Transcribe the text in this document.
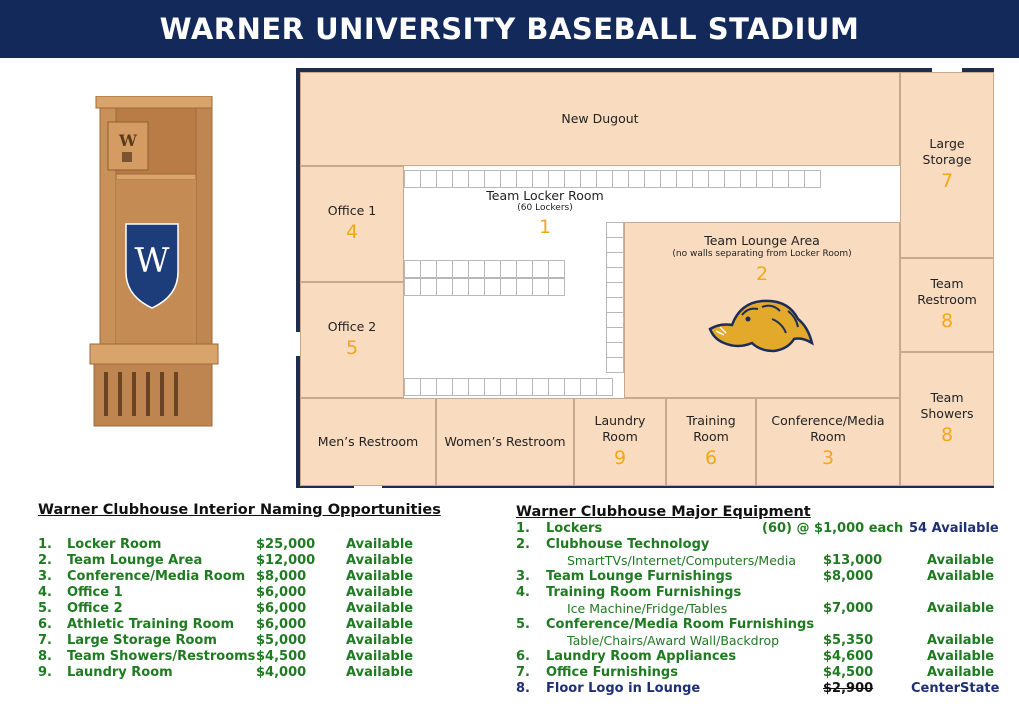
WARNER UNIVERSITY BASEBALL STADIUM
W
W
New Dugout
Large
Storage
7
Team
Restroom
8
Team
Showers
8
Office 1
4
Office 2
5
Team Locker Room
(60 Lockers)
1
Team Lounge Area
(no walls separating from Locker Room)
2
Men’s Restroom Women’s Restroom
Laundry Room
9
Training Room
6
Conference/Media Room
3
Warner Clubhouse Interior Naming Opportunities
1. Locker Room	$25,000 Available
2. Team Lounge Area	$12,000 Available
3. Conference/Media Room $8,000	Available
4. Office 1	$6,000	Available
5. Office 2	$6,000	Available
6. Athletic Training Room $6,000	Available
7. Large Storage Room	$5,000	Available
8. Team Showers/Restrooms $4,500	Available
9. Laundry Room	$4,000	Available
Warner Clubhouse Major Equipment
1. Lockers	(60) @ $1,000 each 54 Available
2. Clubhouse Technology
SmartTVs/Internet/Computers/Media $13,000	Available
3. Team Lounge Furnishings	$8,000	Available
4. Training Room Furnishings
Ice Machine/Fridge/Tables	$7,000	Available
5. Conference/Media Room Furnishings
Table/Chairs/Award Wall/Backdrop	$5,350	Available
6. Laundry Room Appliances	$4,600	Available
7. Office Furnishings	$4,500	Available
8. Floor Logo in Lounge	$2,900	CenterState
